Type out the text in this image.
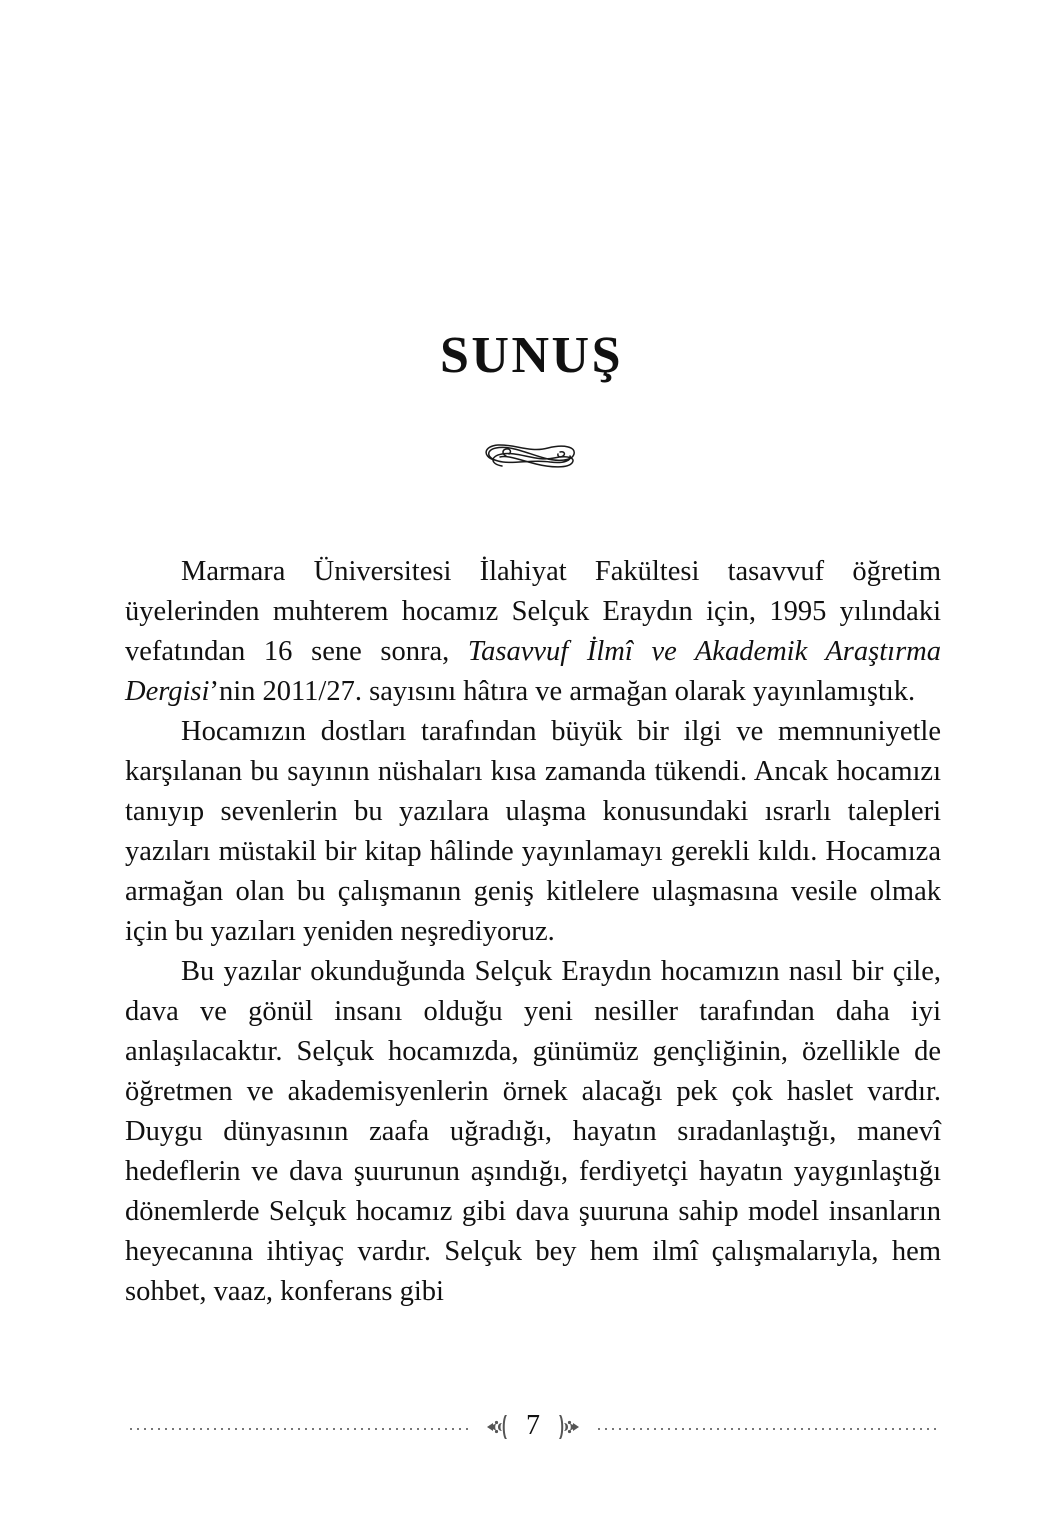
SUNUŞ

Marmara Üniversitesi İlahiyat Fakültesi tasavvuf öğretim üyelerinden muhterem hocamız Selçuk Eraydın için, 1995 yılındaki vefatından 16 sene sonra, Tasavvuf İlmî ve Akademik Araştırma Dergisi’nin 2011/27. sayısını hâtıra ve armağan olarak yayınlamıştık.

Hocamızın dostları tarafından büyük bir ilgi ve memnuniyetle karşılanan bu sayının nüshaları kısa zamanda tükendi. Ancak hocamızı tanıyıp sevenlerin bu yazılara ulaşma konusundaki ısrarlı talepleri yazıları müstakil bir kitap hâlinde yayınlamayı gerekli kıldı. Hocamıza armağan olan bu çalışmanın geniş kitlelere ulaşmasına vesile olmak için bu yazıları yeniden neşrediyoruz.

Bu yazılar okunduğunda Selçuk Eraydın hocamızın nasıl bir çile, dava ve gönül insanı olduğu yeni nesiller tarafından daha iyi anlaşılacaktır. Selçuk hocamızda, günümüz gençliğinin, özellikle de öğretmen ve akademisyenlerin örnek alacağı pek çok haslet vardır. Duygu dünyasının zaafa uğradığı, hayatın sıradanlaştığı, manevî hedeflerin ve dava şuurunun aşındığı, ferdiyetçi hayatın yaygınlaştığı dönemlerde Selçuk hocamız gibi dava şuuruna sahip model insanların heyecanına ihtiyaç vardır. Selçuk bey hem ilmî çalışmalarıyla, hem sohbet, vaaz, konferans gibi

7
